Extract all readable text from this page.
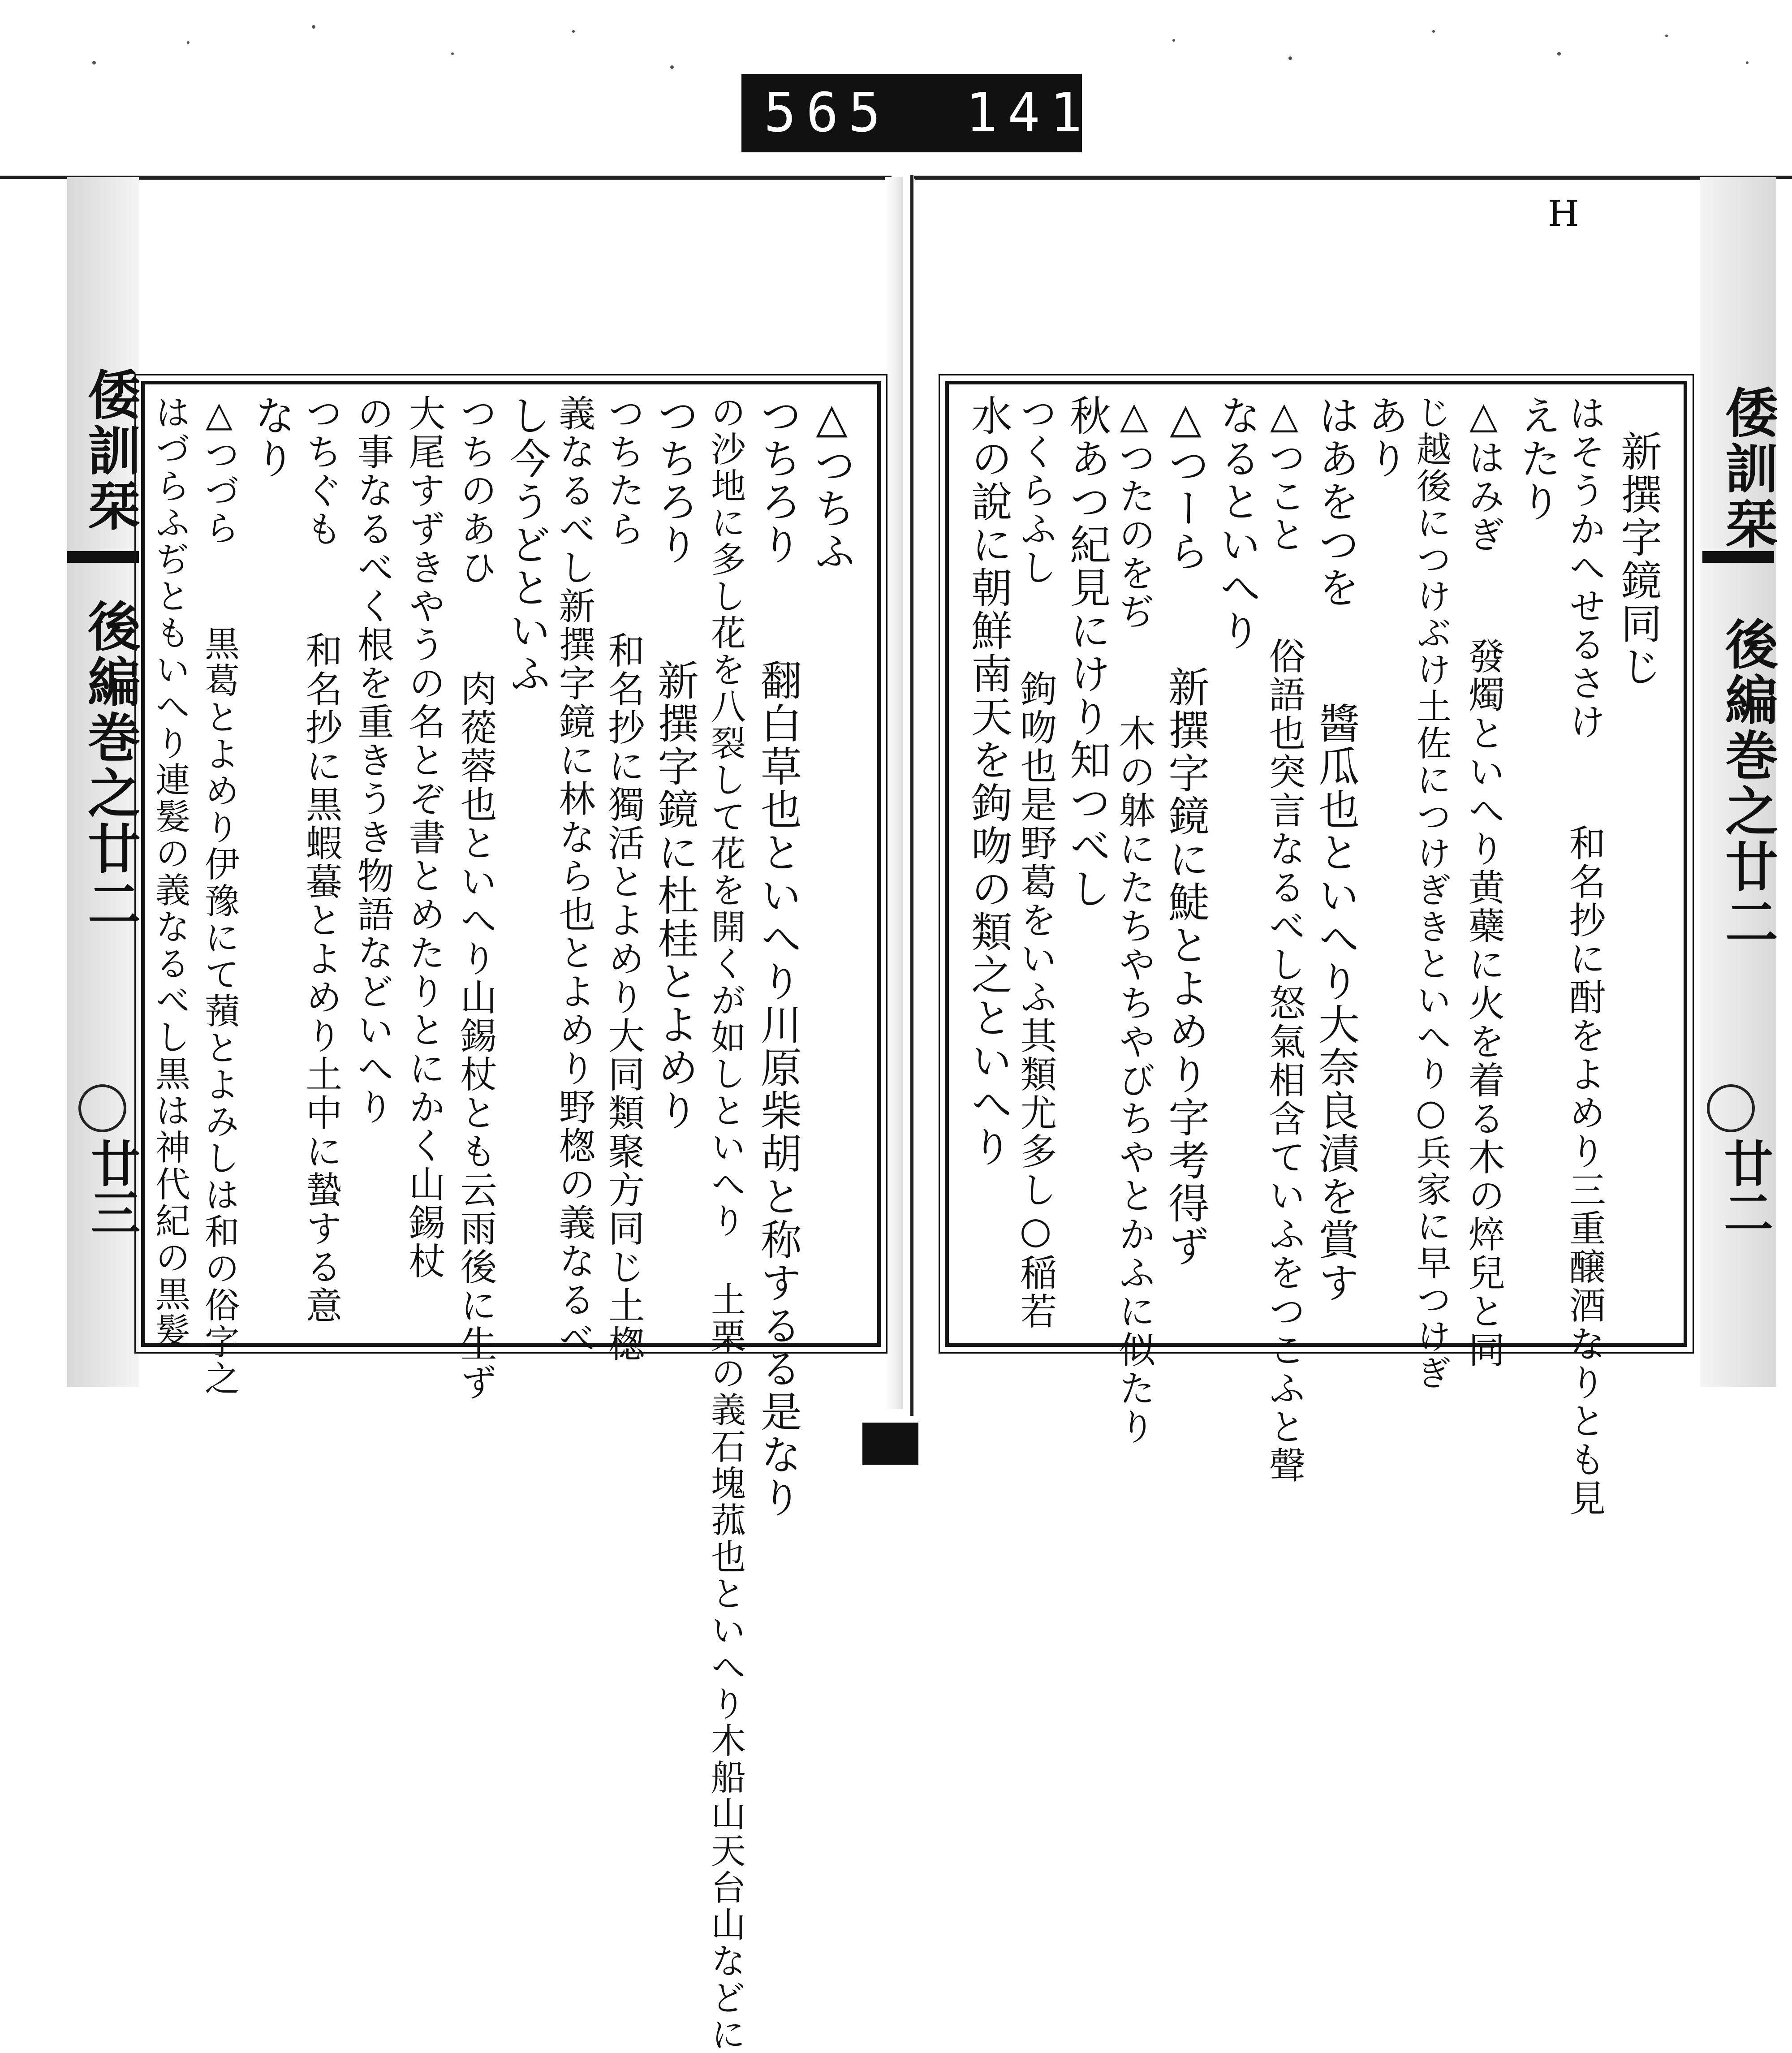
565 141.
H
倭訓栞 後編巻之廿二	倭訓栞 後編巻之廿二
廿三	廿二
△つちふ
つちろり 　翻白草也といへり川原柴胡と称するる是なり
の沙地に多し花を八裂して花を開くが如しといへり 土栗の義石塊菰也といへり木船山天台山などに
つちろり 　新撰字鏡に杜桂とよめり
つちたら 　和名抄に獨活とよめり大同類聚方同じ土楤
義なるべし新撰字鏡に林なら也とよめり野楤の義なるべ
し今うどといふ
つちのあひ 　肉蓯蓉也といへり山錫杖とも云雨後に生ず
大尾すずきやうの名とぞ書とめたりとにかく山錫杖
の事なるべく根を重きうき物語などいへり
つちぐも 　和名抄に黒蝦蟇とよめり土中に蟄する意
なり
△つづら 　黒葛とよめり伊豫にて蕷とよみしは和の俗字之
はづらふぢともいへり連髮の義なるべし黒は神代紀の黒髮	新撰字鏡同じ
はそうかへせるさけ 　和名抄に酎をよめり三重醸酒なりとも見
えたり
△はみぎ 　發燭といへり黄蘗に火を着る木の焠兒と同
じ越後につけぶけ土佐につけぎきといへり○兵家に早つけぎ
あり
はあをつを 　醬瓜也といへり大奈良漬を賞す
△つこと 　俗語也突言なるべし怒氣相含ていふをつこふと聲
なるといへり
△つーら 　新撰字鏡に鯐とよめり字考得ず
△つたのをぢ 　木の躰にたちやちやびちやとかふに似たり
秋あつ紀見にけり知つべし
つくらふし 　鉤吻也是野葛をいふ其類尤多し○稲若
水の說に朝鮮南天を鉤吻の類之といへり
